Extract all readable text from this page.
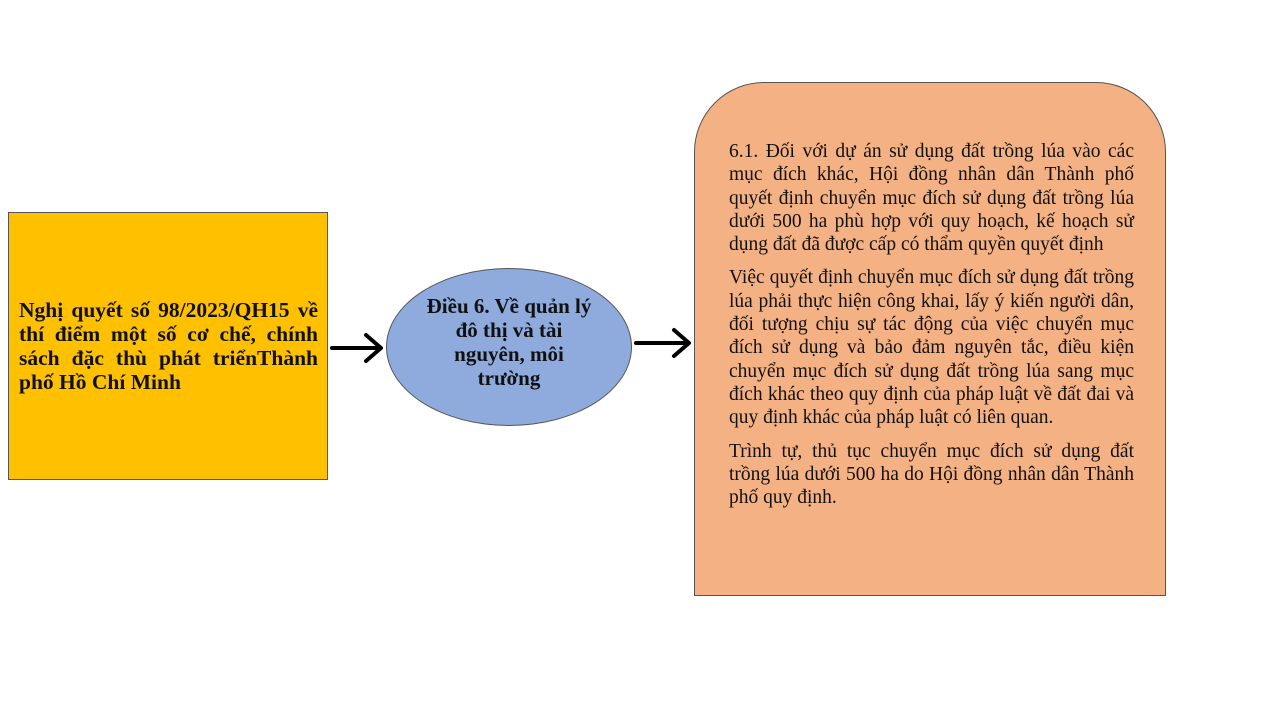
Nghị quyết số 98/2023/QH15 về thí điểm một số cơ chế, chính sách đặc thù phát triểnThành phố Hồ Chí Minh
Điều 6. Về quản lý đô thị và tài nguyên, môi trường

6.1. Đối với dự án sử dụng đất trồng lúa vào các mục đích khác, Hội đồng nhân dân Thành phố quyết định chuyển mục đích sử dụng đất trồng lúa dưới 500 ha phù hợp với quy hoạch, kế hoạch sử dụng đất đã được cấp có thẩm quyền quyết định

Việc quyết định chuyển mục đích sử dụng đất trồng lúa phải thực hiện công khai, lấy ý kiến người dân, đối tượng chịu sự tác động của việc chuyển mục đích sử dụng và bảo đảm nguyên tắc, điều kiện chuyển mục đích sử dụng đất trồng lúa sang mục đích khác theo quy định của pháp luật về đất đai và quy định khác của pháp luật có liên quan.

Trình tự, thủ tục chuyển mục đích sử dụng đất trồng lúa dưới 500 ha do Hội đồng nhân dân Thành phố quy định.
